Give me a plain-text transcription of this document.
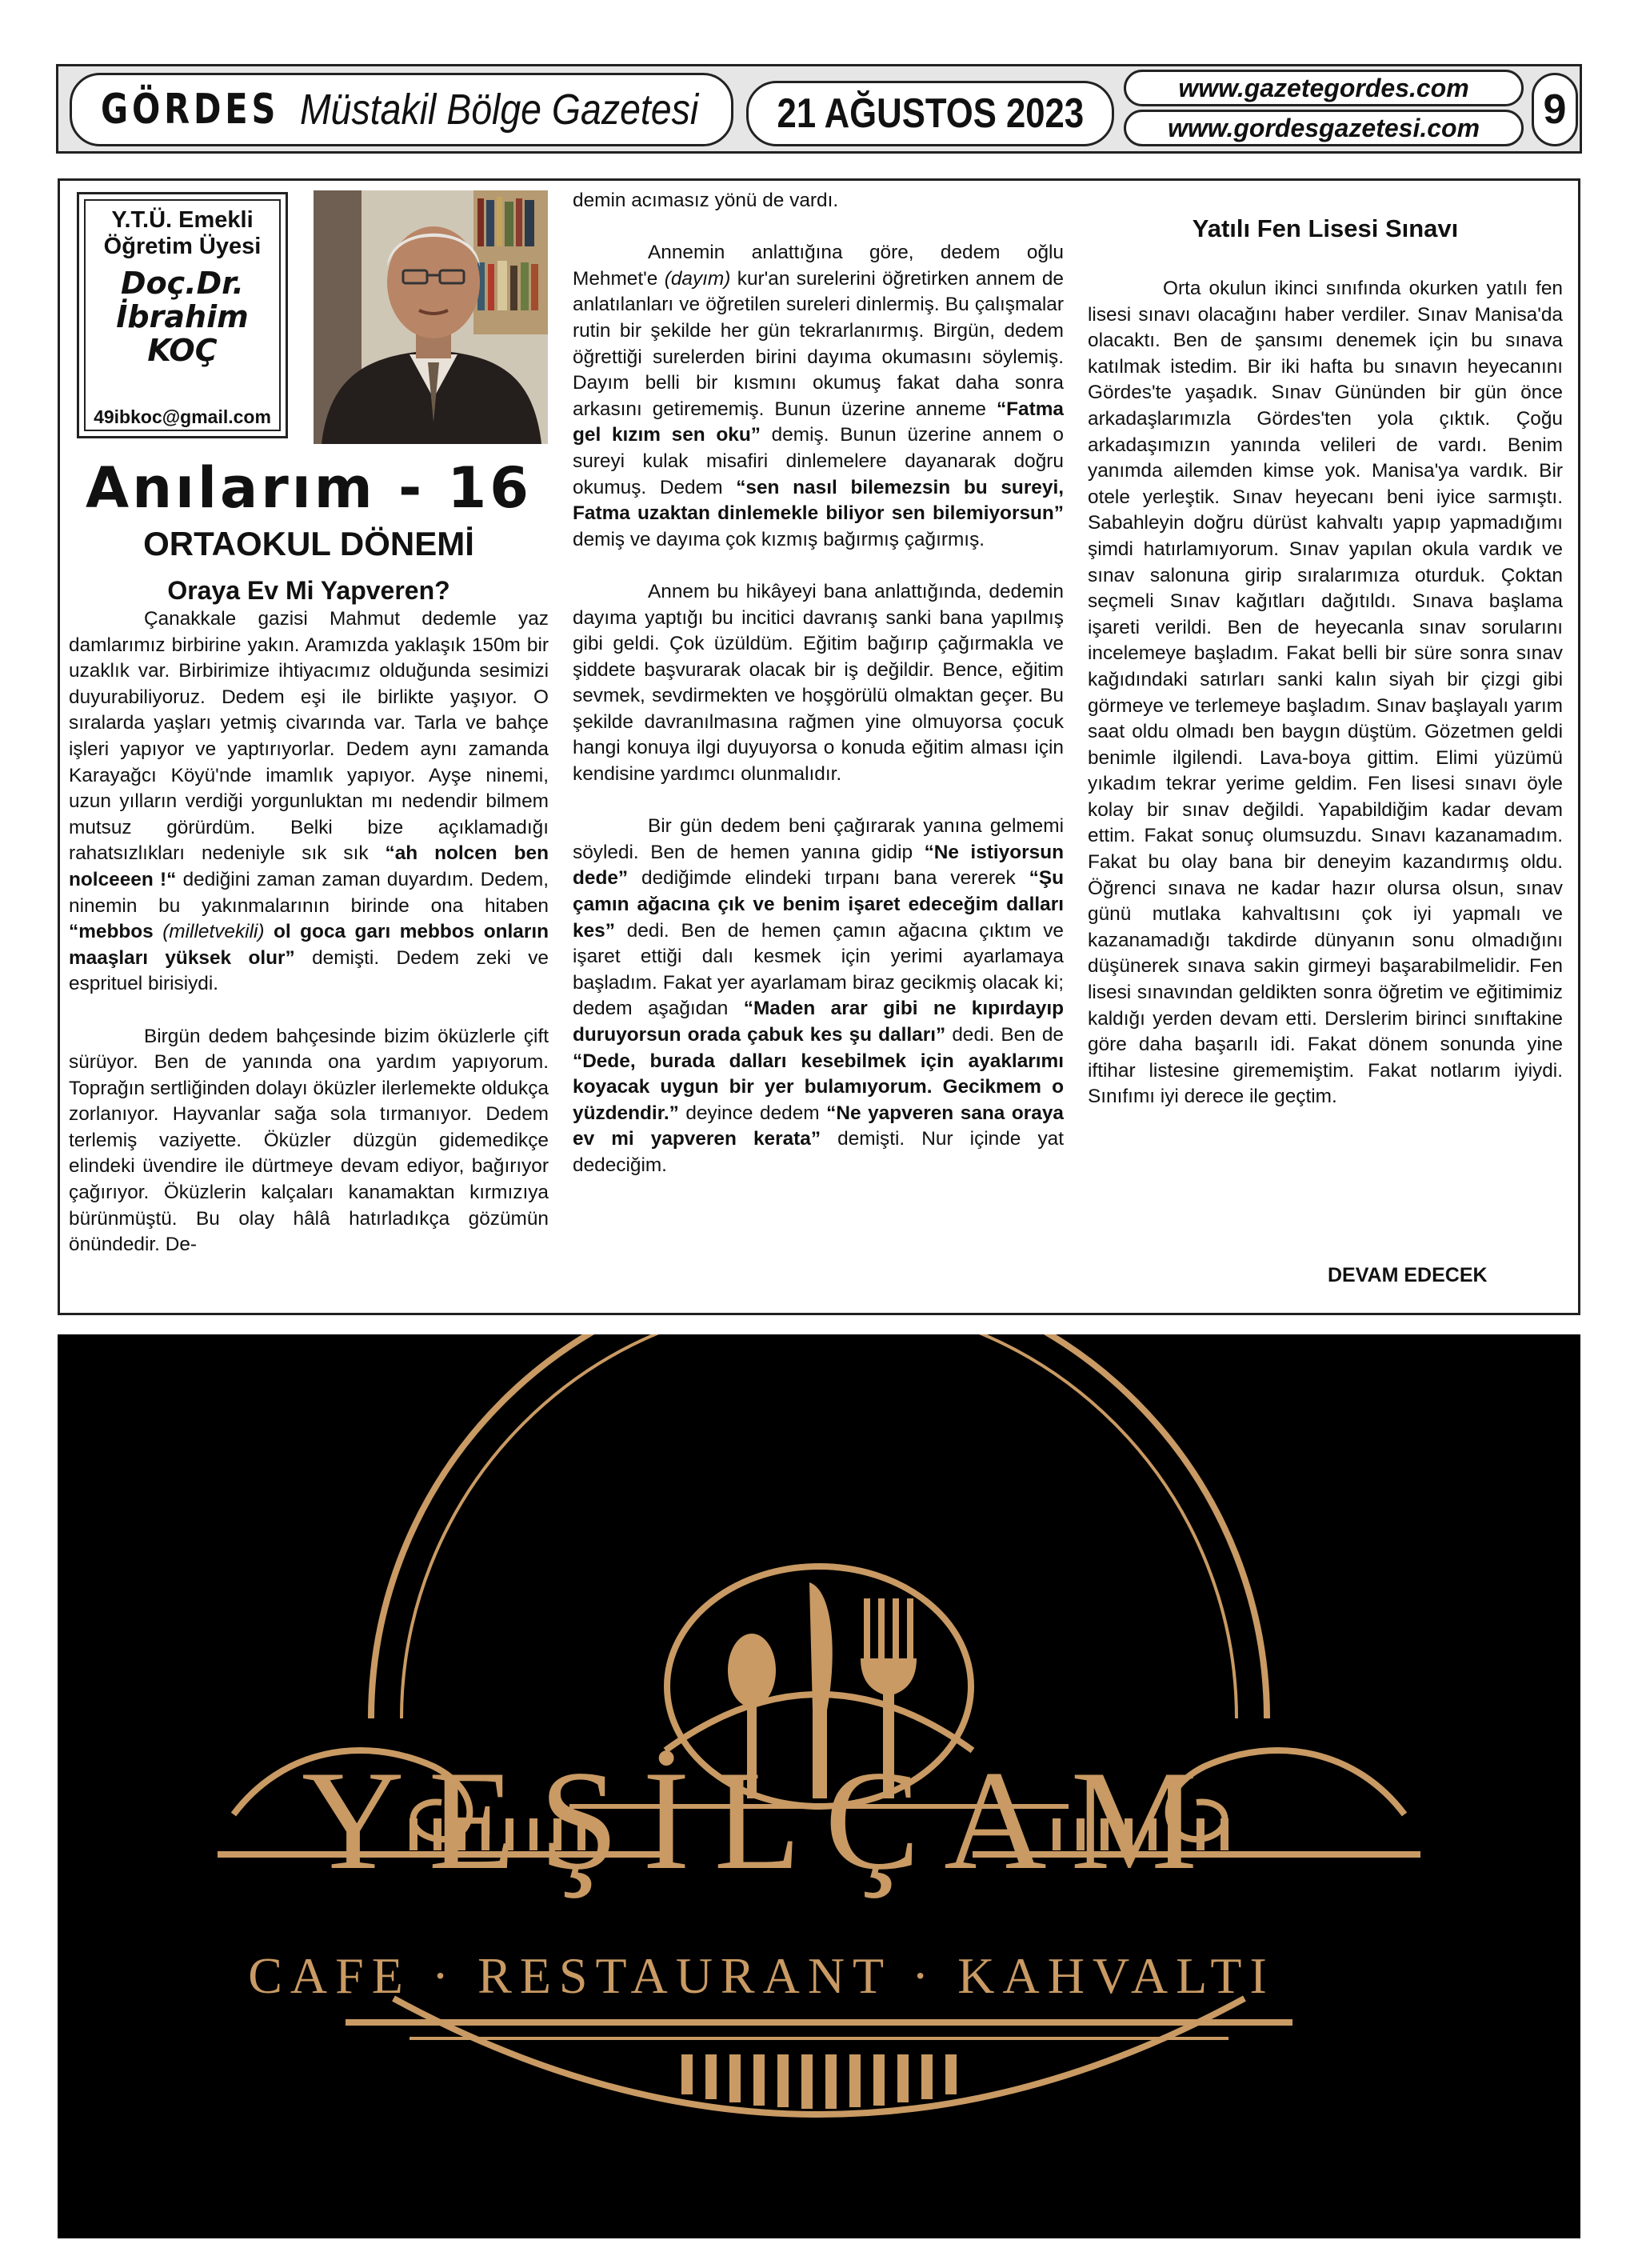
GÖRDES Müstakil Bölge Gazetesi 21 AĞUSTOS 2023
www.gazetegordes.com
www.gordesgazetesi.com	9
Y.T.Ü. Emekli
Öğretim Üyesi
Doç.Dr.
İbrahim
KOÇ
49ibkoc@gmail.com
Anılarım - 16
ORTAOKUL DÖNEMİ
Oraya Ev Mi Yapveren?
Yatılı Fen Lisesi Sınavı

Çanakkale gazisi Mahmut dedemle yaz damlarımız birbirine yakın. Aramızda yaklaşık 150m bir uzaklık var. Birbirimize ihtiyacımız olduğunda sesimizi duyurabiliyoruz. Dedem eşi ile birlikte yaşıyor. O sıralarda yaşları yetmiş civarında var. Tarla ve bahçe işleri yapıyor ve yaptırıyorlar. Dedem aynı zamanda Karayağcı Köyü'nde imamlık yapıyor. Ayşe ninemi, uzun yılların verdiği yorgunluktan mı nedendir bilmem mutsuz görürdüm. Belki bize açıklamadığı rahatsızlıkları nedeniyle sık sık “ah nolcen ben nolceeen !“ dediğini zaman zaman duyardım. Dedem, ninemin bu yakınmalarının birinde ona hitaben “mebbos (milletvekili) ol goca garı mebbos onların maaşları yüksek olur” demişti. Dedem zeki ve esprituel birisiydi.

Birgün dedem bahçesinde bizim öküzlerle çift sürüyor. Ben de yanında ona yardım yapıyorum. Toprağın sertliğinden dolayı öküzler ilerlemekte oldukça zorlanıyor. Hayvanlar sağa sola tırmanıyor. Dedem terlemiş vaziyette. Öküzler düzgün gidemedikçe elindeki üvendire ile dürtmeye devam ediyor, bağırıyor çağırıyor. Öküzlerin kalçaları kanamaktan kırmızıya bürünmüştü. Bu olay hâlâ hatırladıkça gözümün önündedir. De-

demin acımasız yönü de vardı.

Annemin anlattığına göre, dedem oğlu Mehmet'e (dayım) kur'an surelerini öğretirken annem de anlatılanları ve öğretilen sureleri dinlermiş. Bu çalışmalar rutin bir şekilde her gün tekrarlanırmış. Birgün, dedem öğrettiği surelerden birini dayıma okumasını söylemiş. Dayım belli bir kısmını okumuş fakat daha sonra arkasını getirememiş. Bunun üzerine anneme “Fatma gel kızım sen oku” demiş. Bunun üzerine annem o sureyi kulak misafiri dinlemelere dayanarak doğru okumuş. Dedem “sen nasıl bilemezsin bu sureyi, Fatma uzaktan dinlemekle biliyor sen bilemiyorsun” demiş ve dayıma çok kızmış bağırmış çağırmış.

Annem bu hikâyeyi bana anlattığında, dedemin dayıma yaptığı bu incitici davranış sanki bana yapılmış gibi geldi. Çok üzüldüm. Eğitim bağırıp çağırmakla ve şiddete başvurarak olacak bir iş değildir. Bence, eğitim sevmek, sevdirmekten ve hoşgörülü olmaktan geçer. Bu şekilde davranılmasına rağmen yine olmuyorsa çocuk hangi konuya ilgi duyuyorsa o konuda eğitim alması için kendisine yardımcı olunmalıdır.

Bir gün dedem beni çağırarak yanına gelmemi söyledi. Ben de hemen yanına gidip “Ne istiyorsun dede” dediğimde elindeki tırpanı bana vererek “Şu çamın ağacına çık ve benim işaret edeceğim dalları kes” dedi. Ben de hemen çamın ağacına çıktım ve işaret ettiği dalı kesmek için yerimi ayarlamaya başladım. Fakat yer ayarlamam biraz gecikmiş olacak ki; dedem aşağıdan “Maden arar gibi ne kıpırdayıp duruyorsun orada çabuk kes şu dalları” dedi. Ben de “Dede, burada dalları kesebilmek için ayaklarımı koyacak uygun bir yer bulamıyorum. Gecikmem o yüzdendir.” deyince dedem “Ne yapveren sana oraya ev mi yapveren kerata” demişti. Nur içinde yat dedeciğim.

Orta okulun ikinci sınıfında okurken yatılı fen lisesi sınavı olacağını haber verdiler. Sınav Manisa'da olacaktı. Ben de şansımı denemek için bu sınava katılmak istedim. Bir iki hafta bu sınavın heyecanını Gördes'te yaşadık. Sınav Gününden bir gün önce arkadaşlarımızla Gördes'ten yola çıktık. Çoğu arkadaşımızın yanında velileri de vardı. Benim yanımda ailemden kimse yok. Manisa'ya vardık. Bir otele yerleştik. Sınav heyecanı beni iyice sarmıştı. Sabahleyin doğru dürüst kahvaltı yapıp yapmadığımı şimdi hatırlamıyorum. Sınav yapılan okula vardık ve sınav salonuna girip sıralarımıza oturduk. Çoktan seçmeli Sınav kağıtları dağıtıldı. Sınava başlama işareti verildi. Ben de heyecanla sınav sorularını incelemeye başladım. Fakat belli bir süre sonra sınav kağıdındaki satırları sanki kalın siyah bir çizgi gibi görmeye ve terlemeye başladım. Sınav başlayalı yarım saat oldu olmadı ben baygın düştüm. Gözetmen geldi benimle ilgilendi. Lava-boya gittim. Elimi yüzümü yıkadım tekrar yerime geldim. Fen lisesi sınavı öyle kolay bir sınav değildi. Yapabildiğim kadar devam ettim. Fakat sonuç olumsuzdu. Sınavı kazanamadım. Fakat bu olay bana bir deneyim kazandırmış oldu. Öğrenci sınava ne kadar hazır olursa olsun, sınav günü mutlaka kahvaltısını çok iyi yapmalı ve kazanamadığı takdirde dünyanın sonu olmadığını düşünerek sınava sakin girmeyi başarabilmelidir. Fen lisesi sınavından geldikten sonra öğretim ve eğitimimiz kaldığı yerden devam etti. Derslerim birinci sınıftakine göre daha başarılı idi. Fakat dönem sonunda yine iftihar listesine girememiştim. Fakat notlarım iyiydi. Sınıfımı iyi derece ile geçtim.

DEVAM EDECEK
YEŞİLÇAM
CAFE · RESTAURANT · KAHVALTI
